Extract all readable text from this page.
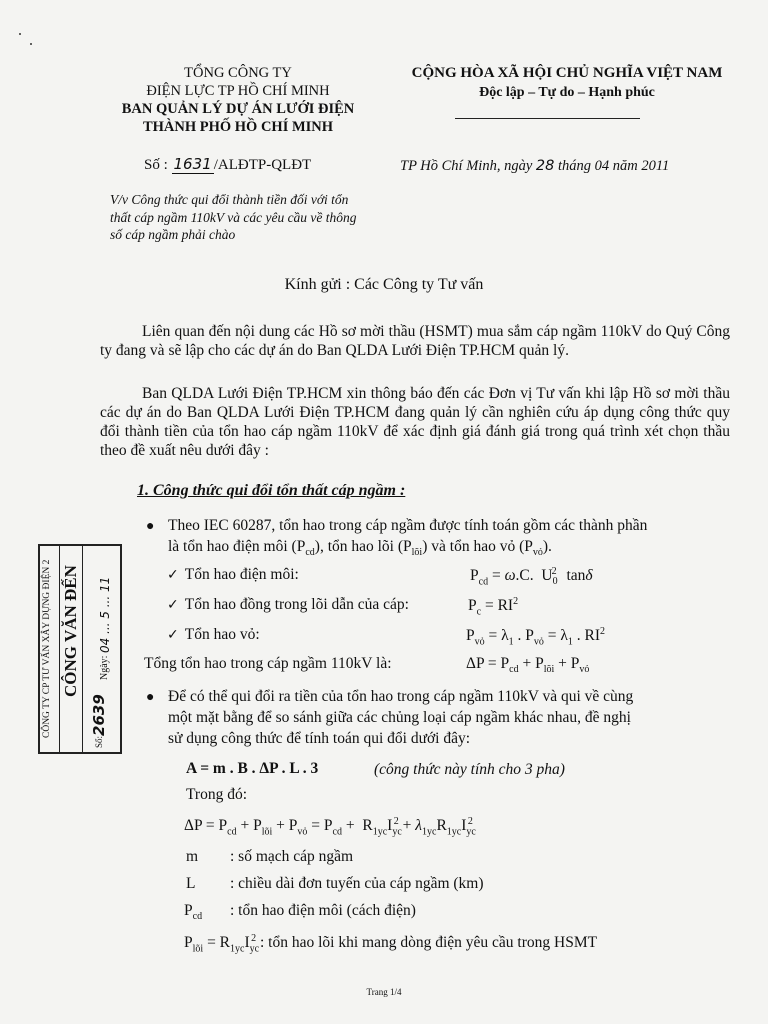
TỔNG CÔNG TY
ĐIỆN LỰC TP HỒ CHÍ MINH
BAN QUẢN LÝ DỰ ÁN LƯỚI ĐIỆN
THÀNH PHỐ HỒ CHÍ MINH
CỘNG HÒA XÃ HỘI CHỦ NGHĨA VIỆT NAM
Độc lập – Tự do – Hạnh phúc
Số : 1631 /ALĐTP-QLĐT	TP Hồ Chí Minh, ngày 28 tháng 04 năm 2011
V/v Công thức qui đổi thành tiền đối với tổn thất cáp ngầm 110kV và các yêu cầu về thông số cáp ngầm phải chào
Kính gửi : Các Công ty Tư vấn

Liên quan đến nội dung các Hồ sơ mời thầu (HSMT) mua sắm cáp ngầm 110kV do Quý Công ty đang và sẽ lập cho các dự án do Ban QLDA Lưới Điện TP.HCM quản lý.

Ban QLDA Lưới Điện TP.HCM xin thông báo đến các Đơn vị Tư vấn khi lập Hồ sơ mời thầu các dự án do Ban QLDA Lưới Điện TP.HCM đang quản lý cần nghiên cứu áp dụng công thức quy đổi thành tiền của tổn hao cáp ngầm 110kV để xác định giá đánh giá trong quá trình xét chọn thầu theo đề xuất nêu dưới đây :

1. Công thức qui đổi tổn thất cáp ngầm :
● Theo IEC 60287, tổn hao trong cáp ngầm được tính toán gồm các thành phần
là tổn hao điện môi $(P_{cd})$, tổn hao lõi $(P_{lõi})$ và tổn hao vỏ $(P_{vỏ})$.
✓ Tổn hao điện môi:	$P_{cd} = \omega.C$.  $U_0^2$ tanδ
✓ Tổn hao đồng trong lõi dẫn của cáp:	$P_c = RI^2$
✓ Tổn hao vỏ:	$P_{vỏ} = \lambda_1$ . $P_{vỏ} = \lambda_1$ . $RI^2$
Tổng tổn hao trong cáp ngầm 110kV là:	$\Delta P = P_{cd} + P_{lõi} + P_{vỏ}$
● Để có thể qui đổi ra tiền của tổn hao trong cáp ngầm 110kV và qui về cùng
một mặt bằng để so sánh giữa các chủng loại cáp ngầm khác nhau, đề nghị
sử dụng công thức để tính toán qui đổi dưới đây:
A = m . B . ΔP . L . 3	(công thức này tính cho 3 pha)
Trong đó:
$\Delta P = P_{cd} + P_{lõi} + P_{vỏ} = P_{cd} + R_{1yc}I_{yc}^2 + \lambda_{1yc}R_{1yc}I_{yc}^2$
m : số mạch cáp ngầm
L : chiều dài đơn tuyến của cáp ngầm (km)
$P_{cd}$ : tổn hao điện môi (cách điện)
$P_{lõi} = R_{1yc}I_{yc}^2$ : tổn hao lõi khi mang dòng điện yêu cầu trong HSMT
CÔNG TY CP TƯ VẤN XÂY DỰNG ĐIỆN 2 CÔNG VĂN ĐẾN Ngày: 04 ... 5 ... 11
Số:2639
Trang 1/4
